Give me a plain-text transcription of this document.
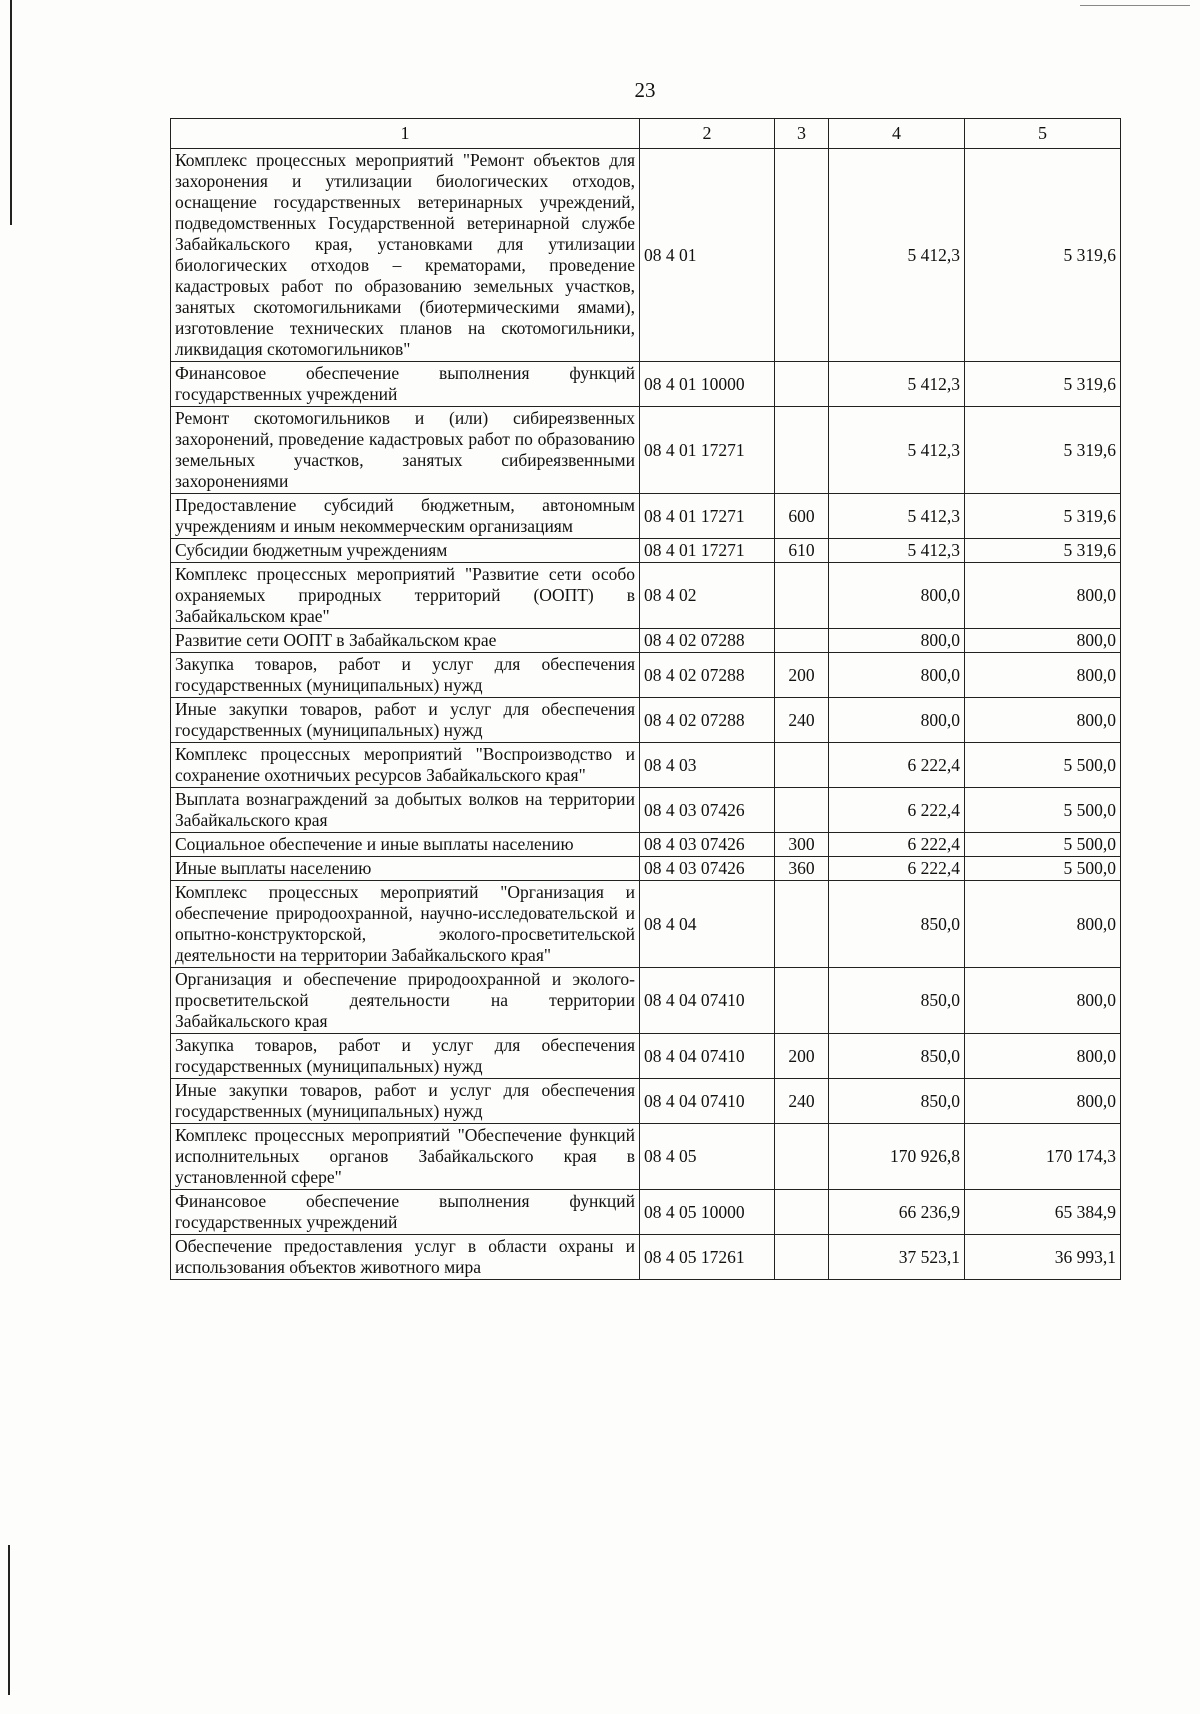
23
1	2	3	4	5
Комплекс процессных мероприятий "Ремонт объектов для захоронения и утилизации биологических отходов, оснащение государственных ветеринарных учреждений, подведомственных Государственной ветеринарной службе Забайкальского края, установками для утилизации биологических отходов – крематорами, проведение кадастровых работ по образованию земельных участков, занятых скотомогильниками (биотермическими ямами), изготовление технических планов на скотомогильники, ликвидация скотомогильников"	08 4 01		5 412,3	5 319,6
Финансовое обеспечение выполнения функций государственных учреждений	08 4 01 10000		5 412,3	5 319,6
Ремонт скотомогильников и (или) сибиреязвенных захоронений, проведение кадастровых работ по образованию земельных участков, занятых сибиреязвенными захоронениями	08 4 01 17271		5 412,3	5 319,6
Предоставление субсидий бюджетным, автономным учреждениям и иным некоммерческим организациям	08 4 01 17271	600	5 412,3	5 319,6
Субсидии бюджетным учреждениям	08 4 01 17271	610	5 412,3	5 319,6
Комплекс процессных мероприятий "Развитие сети особо охраняемых природных территорий (ООПТ) в Забайкальском крае"	08 4 02		800,0	800,0
Развитие сети ООПТ в Забайкальском крае	08 4 02 07288		800,0	800,0
Закупка товаров, работ и услуг для обеспечения государственных (муниципальных) нужд	08 4 02 07288	200	800,0	800,0
Иные закупки товаров, работ и услуг для обеспечения государственных (муниципальных) нужд	08 4 02 07288	240	800,0	800,0
Комплекс процессных мероприятий "Воспроизводство и сохранение охотничьих ресурсов Забайкальского края"	08 4 03		6 222,4	5 500,0
Выплата вознаграждений за добытых волков на территории Забайкальского края	08 4 03 07426		6 222,4	5 500,0
Социальное обеспечение и иные выплаты населению	08 4 03 07426	300	6 222,4	5 500,0
Иные выплаты населению	08 4 03 07426	360	6 222,4	5 500,0
Комплекс процессных мероприятий "Организация и обеспечение природоохранной, научно-исследовательской и опытно-конструкторской, эколого-просветительской деятельности на территории Забайкальского края"	08 4 04		850,0	800,0
Организация и обеспечение природоохранной и эколого-просветительской деятельности на территории Забайкальского края	08 4 04 07410		850,0	800,0
Закупка товаров, работ и услуг для обеспечения государственных (муниципальных) нужд	08 4 04 07410	200	850,0	800,0
Иные закупки товаров, работ и услуг для обеспечения государственных (муниципальных) нужд	08 4 04 07410	240	850,0	800,0
Комплекс процессных мероприятий "Обеспечение функций исполнительных органов Забайкальского края в установленной сфере"	08 4 05		170 926,8	170 174,3
Финансовое обеспечение выполнения функций государственных учреждений	08 4 05 10000		66 236,9	65 384,9
Обеспечение предоставления услуг в области охраны и использования объектов животного мира	08 4 05 17261		37 523,1	36 993,1
